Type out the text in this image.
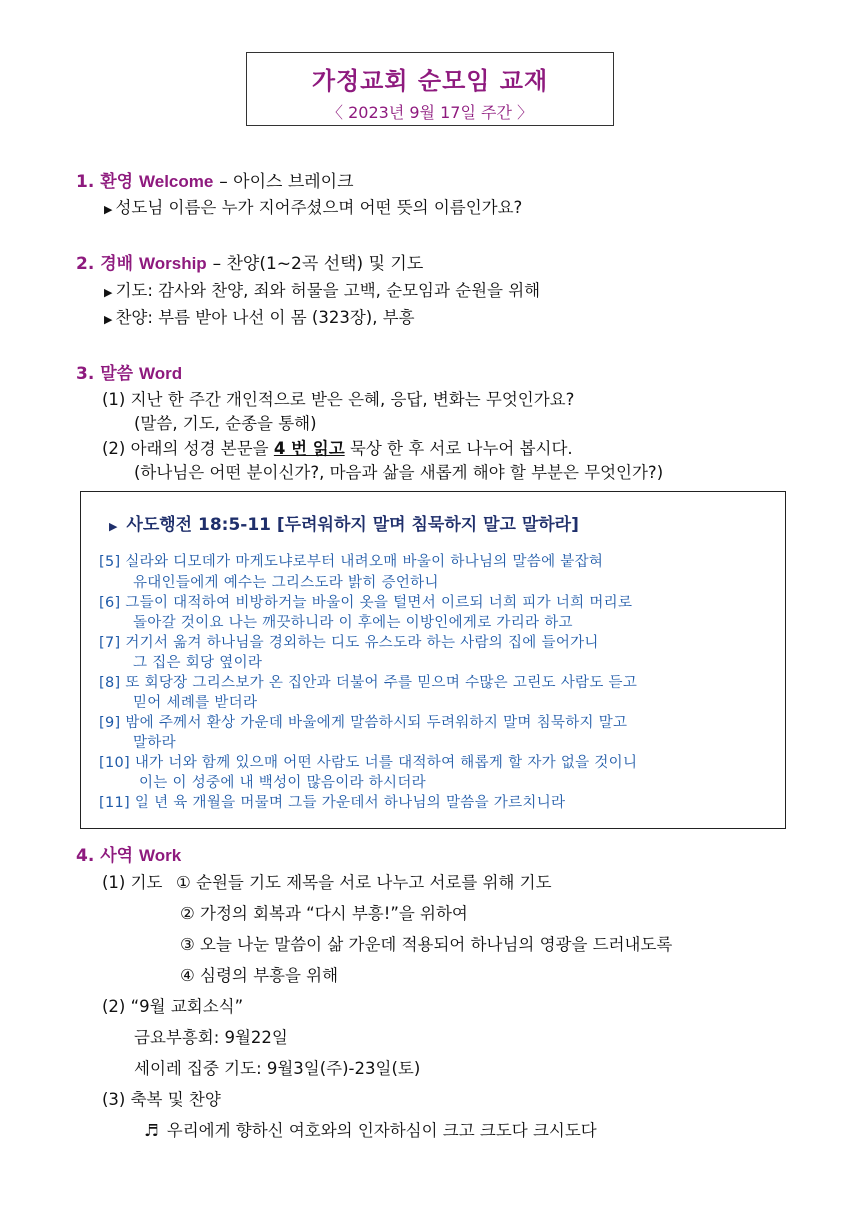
가정교회 순모임 교재
〈 2023년 9월 17일 주간 〉
1. 환영 Welcome – 아이스 브레이크
▶ 성도님 이름은 누가 지어주셨으며 어떤 뜻의 이름인가요?
2. 경배 Worship – 찬양(1~2곡 선택) 및 기도
▶ 기도: 감사와 찬양, 죄와 허물을 고백, 순모임과 순원을 위해
▶ 찬양: 부름 받아 나선 이 몸 (323장), 부흥
3. 말씀 Word
(1) 지난 한 주간 개인적으로 받은 은혜, 응답, 변화는 무엇인가요?
(말씀, 기도, 순종을 통해)
(2) 아래의 성경 본문을 4 번 읽고 묵상 한 후 서로 나누어 봅시다.
(하나님은 어떤 분이신가?, 마음과 삶을 새롭게 해야 할 부분은 무엇인가?)
▶ 사도행전 18:5-11 [두려워하지 말며 침묵하지 말고 말하라]
[5] 실라와 디모데가 마게도냐로부터 내려오매 바울이 하나님의 말씀에 붙잡혀
유대인들에게 예수는 그리스도라 밝히 증언하니
[6] 그들이 대적하여 비방하거늘 바울이 옷을 털면서 이르되 너희 피가 너희 머리로
돌아갈 것이요 나는 깨끗하니라 이 후에는 이방인에게로 가리라 하고
[7] 거기서 옮겨 하나님을 경외하는 디도 유스도라 하는 사람의 집에 들어가니
그 집은 회당 옆이라
[8] 또 회당장 그리스보가 온 집안과 더불어 주를 믿으며 수많은 고린도 사람도 듣고
믿어 세례를 받더라
[9] 밤에 주께서 환상 가운데 바울에게 말씀하시되 두려워하지 말며 침묵하지 말고
말하라
[10] 내가 너와 함께 있으매 어떤 사람도 너를 대적하여 해롭게 할 자가 없을 것이니
이는 이 성중에 내 백성이 많음이라 하시더라
[11] 일 년 육 개월을 머물며 그들 가운데서 하나님의 말씀을 가르치니라
4. 사역 Work
(1) 기도 ① 순원들 기도 제목을 서로 나누고 서로를 위해 기도
② 가정의 회복과 “다시 부흥!”을 위하여
③ 오늘 나눈 말씀이 삶 가운데 적용되어 하나님의 영광을 드러내도록
④ 심령의 부흥을 위해
(2) “9월 교회소식”
금요부흥회: 9월22일
세이레 집중 기도: 9월3일(주)-23일(토)
(3) 축복 및 찬양
♬ 우리에게 향하신 여호와의 인자하심이 크고 크도다 크시도다
